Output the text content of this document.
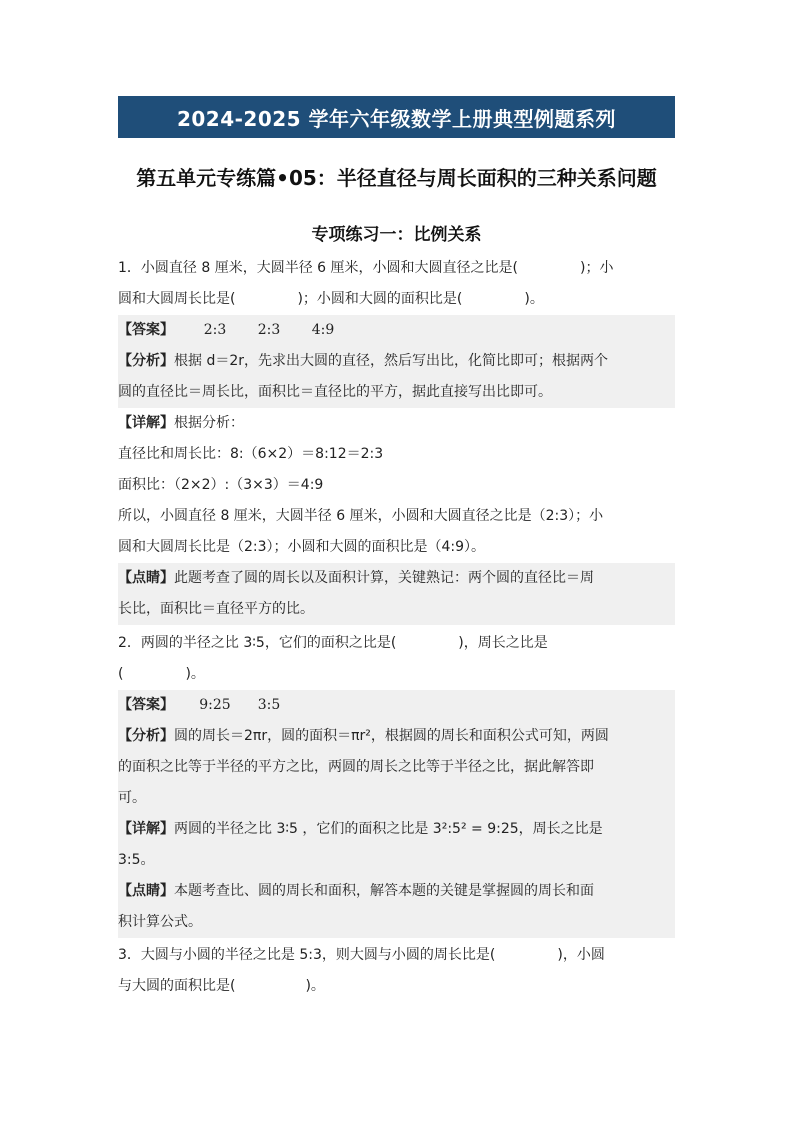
2024-2025 学年六年级数学上册典型例题系列
第五单元专练篇•05：半径直径与周长面积的三种关系问题
专项练习一：比例关系
1．小圆直径 8 厘米，大圆半径 6 厘米，小圆和大圆直径之比是(	)；小
圆和大圆周长比是(	)；小圆和大圆的面积比是(	)。
【答案】 2:3 2:3 4:9
【分析】根据 d＝2r，先求出大圆的直径，然后写出比，化简比即可；根据两个
圆的直径比＝周长比，面积比＝直径比的平方，据此直接写出比即可。
【详解】根据分析：
直径比和周长比：8:（6×2）＝8:12＝2:3
面积比：（2×2）:（3×3）＝4:9
所以，小圆直径 8 厘米，大圆半径 6 厘米，小圆和大圆直径之比是（2:3）；小
圆和大圆周长比是（2:3）；小圆和大圆的面积比是（4:9）。
【点睛】此题考查了圆的周长以及面积计算，关键熟记：两个圆的直径比＝周
长比，面积比＝直径平方的比。
2．两圆的半径之比 3∶5，它们的面积之比是(	)，周长之比是
(	)。
【答案】 9:25 3:5
【分析】圆的周长＝2πr，圆的面积＝πr²，根据圆的周长和面积公式可知，两圆
的面积之比等于半径的平方之比，两圆的周长之比等于半径之比，据此解答即
可。
【详解】两圆的半径之比 3∶5 ，它们的面积之比是 3²:5² = 9:25，周长之比是
3:5。
【点睛】本题考查比、圆的周长和面积，解答本题的关键是掌握圆的周长和面
积计算公式。
3．大圆与小圆的半径之比是 5:3，则大圆与小圆的周长比是(	)，小圆
与大圆的面积比是(	)。
